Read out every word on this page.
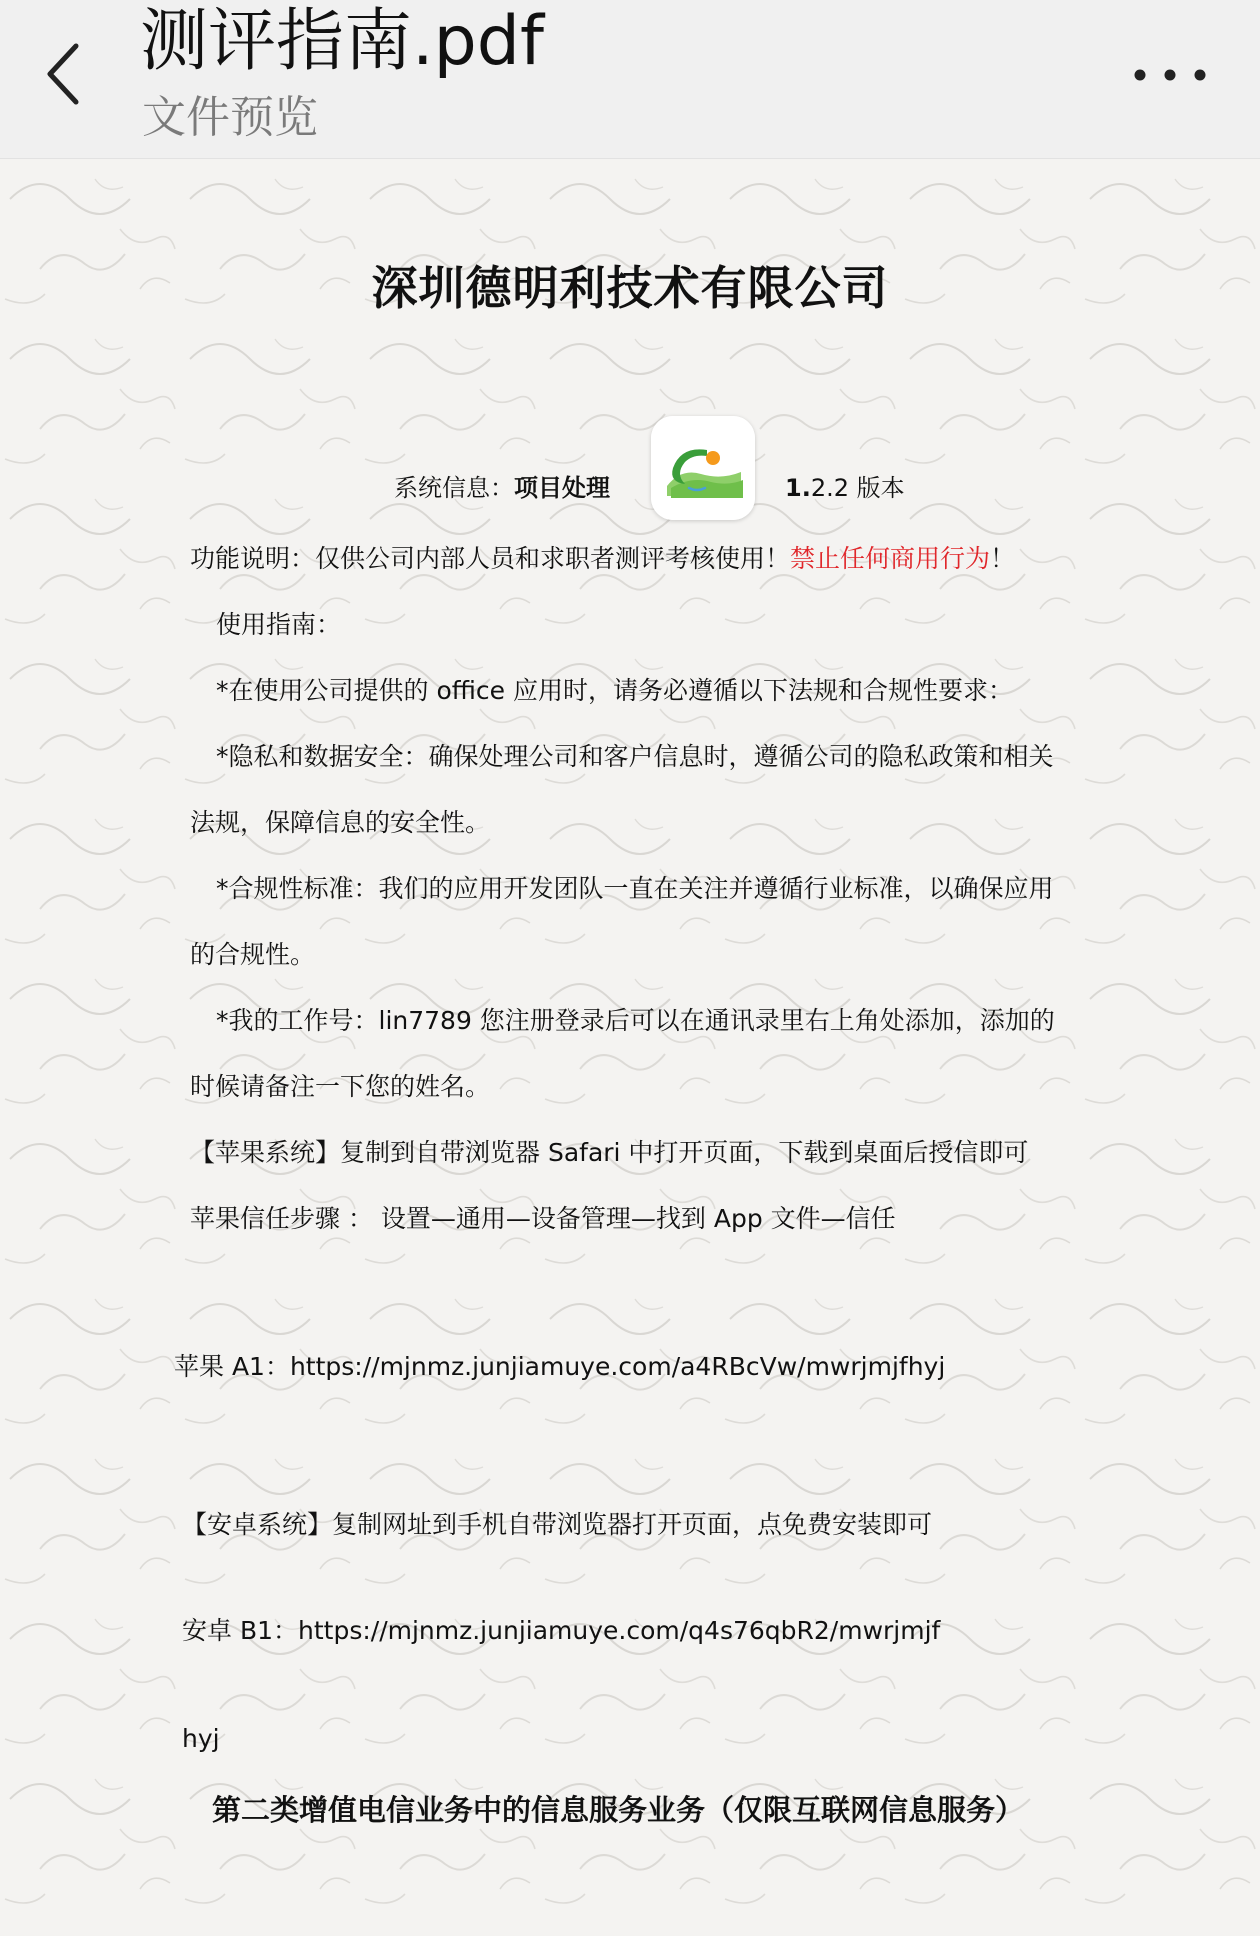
测评指南.pdf
文件预览
深圳德明利技术有限公司
系统信息：项目处理	1.2.2 版本
功能说明：仅供公司内部人员和求职者测评考核使用！禁止任何商用行为！
使用指南：
*在使用公司提供的 office 应用时，请务必遵循以下法规和合规性要求：
*隐私和数据安全：确保处理公司和客户信息时，遵循公司的隐私政策和相关
法规，保障信息的安全性。
*合规性标准：我们的应用开发团队一直在关注并遵循行业标准，以确保应用
的合规性。
*我的工作号：lin7789 您注册登录后可以在通讯录里右上角处添加，添加的
时候请备注一下您的姓名。
【苹果系统】复制到自带浏览器 Safari 中打开页面，下载到桌面后授信即可
苹果信任步骤 ： 设置—通用—设备管理—找到 App 文件—信任
苹果 A1：https://mjnmz.junjiamuye.com/a4RBcVw/mwrjmjfhyj
【安卓系统】复制网址到手机自带浏览器打开页面，点免费安装即可
安卓 B1：https://mjnmz.junjiamuye.com/q4s76qbR2/mwrjmjf
hyj
第二类增值电信业务中的信息服务业务（仅限互联网信息服务）
